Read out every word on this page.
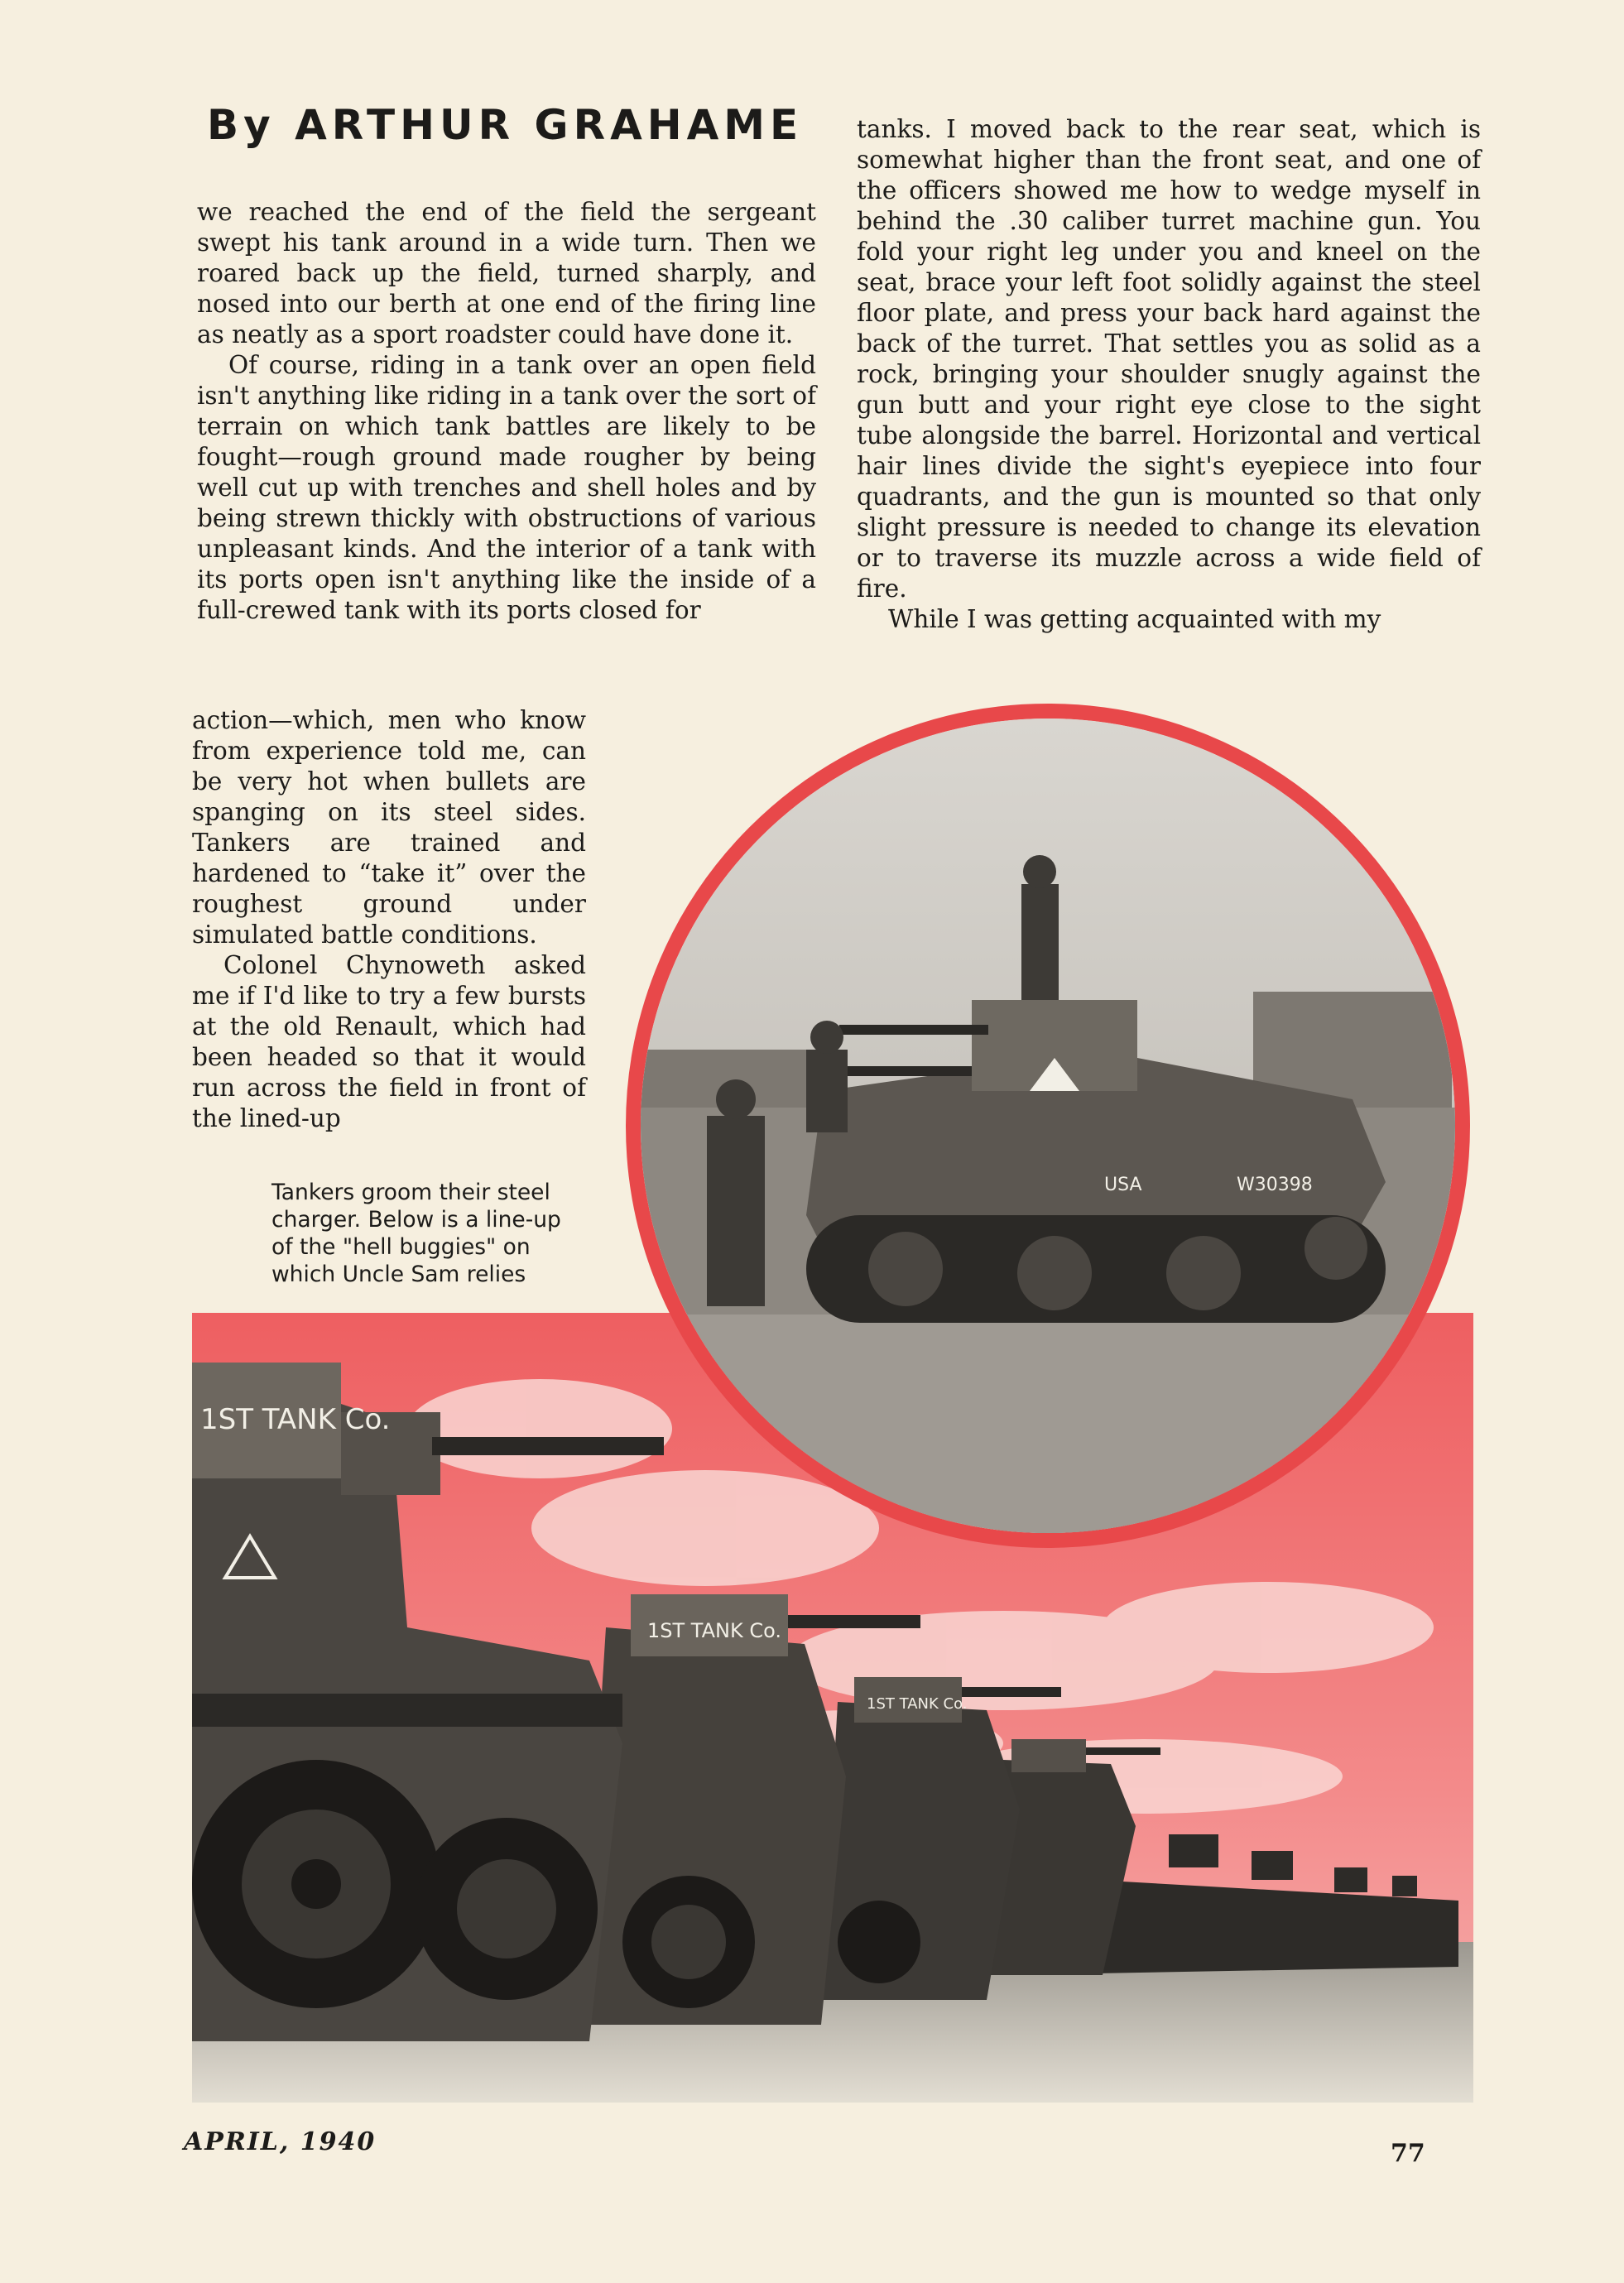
By ARTHUR GRAHAME

we reached the end of the field the sergeant swept his tank around in a wide turn. Then we roared back up the field, turned sharply, and nosed into our berth at one end of the firing line as neatly as a sport roadster could have done it.

Of course, riding in a tank over an open field isn't anything like riding in a tank over the sort of terrain on which tank battles are likely to be fought—rough ground made rougher by being well cut up with trenches and shell holes and by being strewn thickly with obstructions of various unpleasant kinds. And the interior of a tank with its ports open isn't anything like the inside of a full-crewed tank with its ports closed for

action—which, men who know from experience told me, can be very hot when bullets are spanging on its steel sides. Tankers are trained and hardened to “take it” over the roughest ground under simulated battle conditions.

Colonel Chynoweth asked me if I'd like to try a few bursts at the old Renault, which had been headed so that it would run across the field in front of the lined-up

tanks. I moved back to the rear seat, which is somewhat higher than the front seat, and one of the officers showed me how to wedge myself in behind the .30 caliber turret machine gun. You fold your right leg under you and kneel on the seat, brace your left foot solidly against the steel floor plate, and press your back hard against the back of the turret. That settles you as solid as a rock, bringing your shoulder snugly against the gun butt and your right eye close to the sight tube alongside the barrel. Horizontal and vertical hair lines divide the sight's eyepiece into four quadrants, and the gun is mounted so that only slight pressure is needed to change its elevation or to traverse its muzzle across a wide field of fire.

While I was getting acquainted with my

Tankers groom their steel charger. Below is a line-up of the "hell buggies" on which Uncle Sam relies
1ST TANK Co.
1ST TANK Co.
1ST TANK Co.
USA	W30398
APRIL, 1940	77
